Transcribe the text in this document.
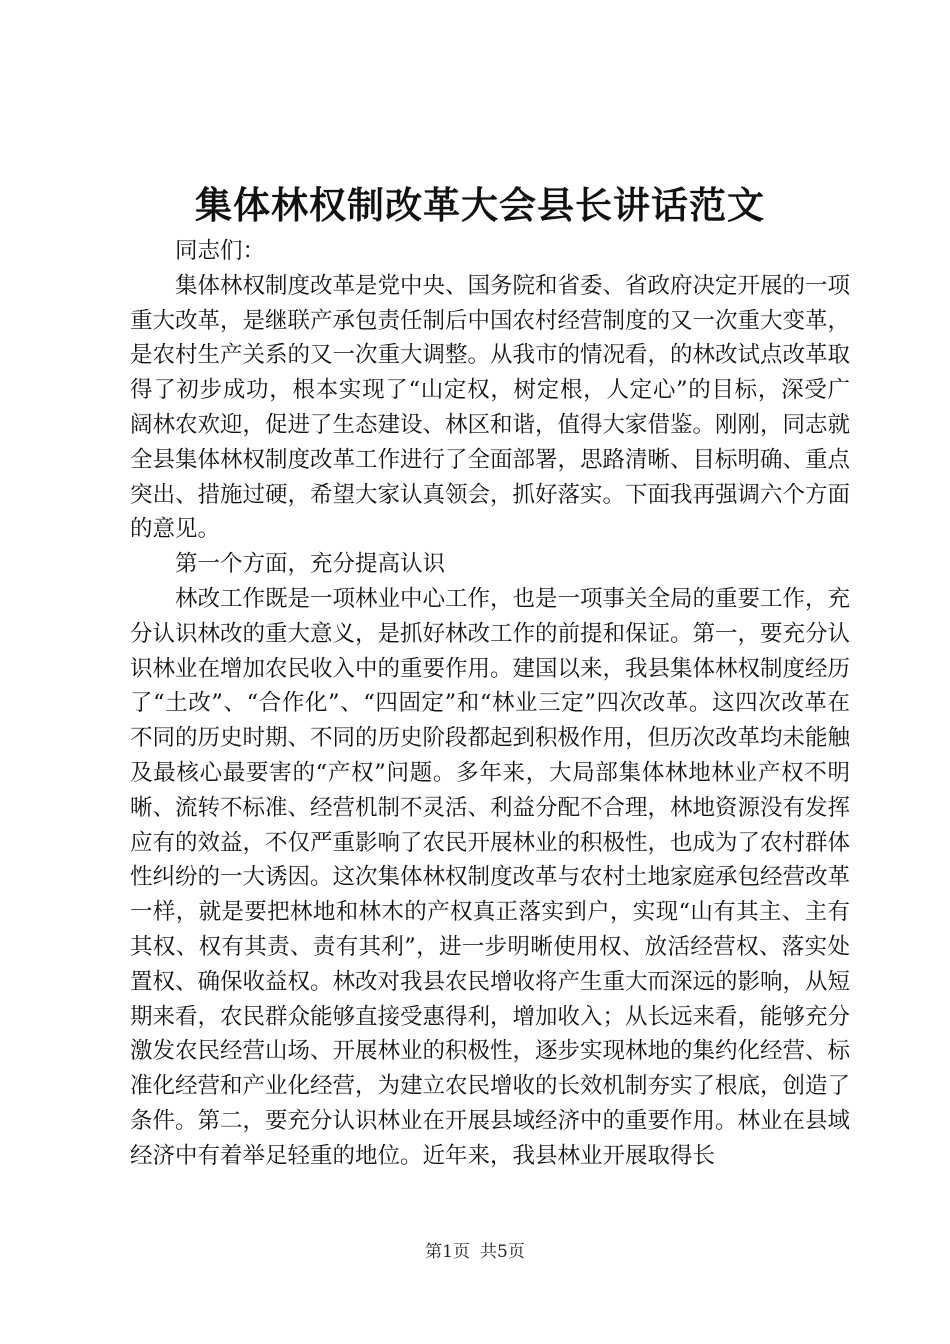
集体林权制改革大会县长讲话范文

同志们：

集体林权制度改革是党中央、国务院和省委、省政府决定开展的一项重大改革，是继联产承包责任制后中国农村经营制度的又一次重大变革，是农村生产关系的又一次重大调整。从我市的情况看，的林改试点改革取得了初步成功，根本实现了“山定权，树定根，人定心”的目标，深受广阔林农欢迎，促进了生态建设、林区和谐，值得大家借鉴。刚刚，同志就全县集体林权制度改革工作进行了全面部署，思路清晰、目标明确、重点突出、措施过硬，希望大家认真领会，抓好落实。下面我再强调六个方面的意见。

第一个方面，充分提高认识

林改工作既是一项林业中心工作，也是一项事关全局的重要工作，充分认识林改的重大意义，是抓好林改工作的前提和保证。第一，要充分认识林业在增加农民收入中的重要作用。建国以来，我县集体林权制度经历了“土改”、“合作化”、“四固定”和“林业三定”四次改革。这四次改革在不同的历史时期、不同的历史阶段都起到积极作用，但历次改革均未能触及最核心最要害的“产权”问题。多年来，大局部集体林地林业产权不明晰、流转不标准、经营机制不灵活、利益分配不合理，林地资源没有发挥应有的效益，不仅严重影响了农民开展林业的积极性，也成为了农村群体性纠纷的一大诱因。这次集体林权制度改革与农村土地家庭承包经营改革一样，就是要把林地和林木的产权真正落实到户，实现“山有其主、主有其权、权有其责、责有其利”，进一步明晰使用权、放活经营权、落实处置权、确保收益权。林改对我县农民增收将产生重大而深远的影响，从短期来看，农民群众能够直接受惠得利，增加收入；从长远来看，能够充分激发农民经营山场、开展林业的积极性，逐步实现林地的集约化经营、标准化经营和产业化经营，为建立农民增收的长效机制夯实了根底，创造了条件。第二，要充分认识林业在开展县域经济中的重要作用。林业在县域经济中有着举足轻重的地位。近年来，我县林业开展取得长

第1页 共5页
